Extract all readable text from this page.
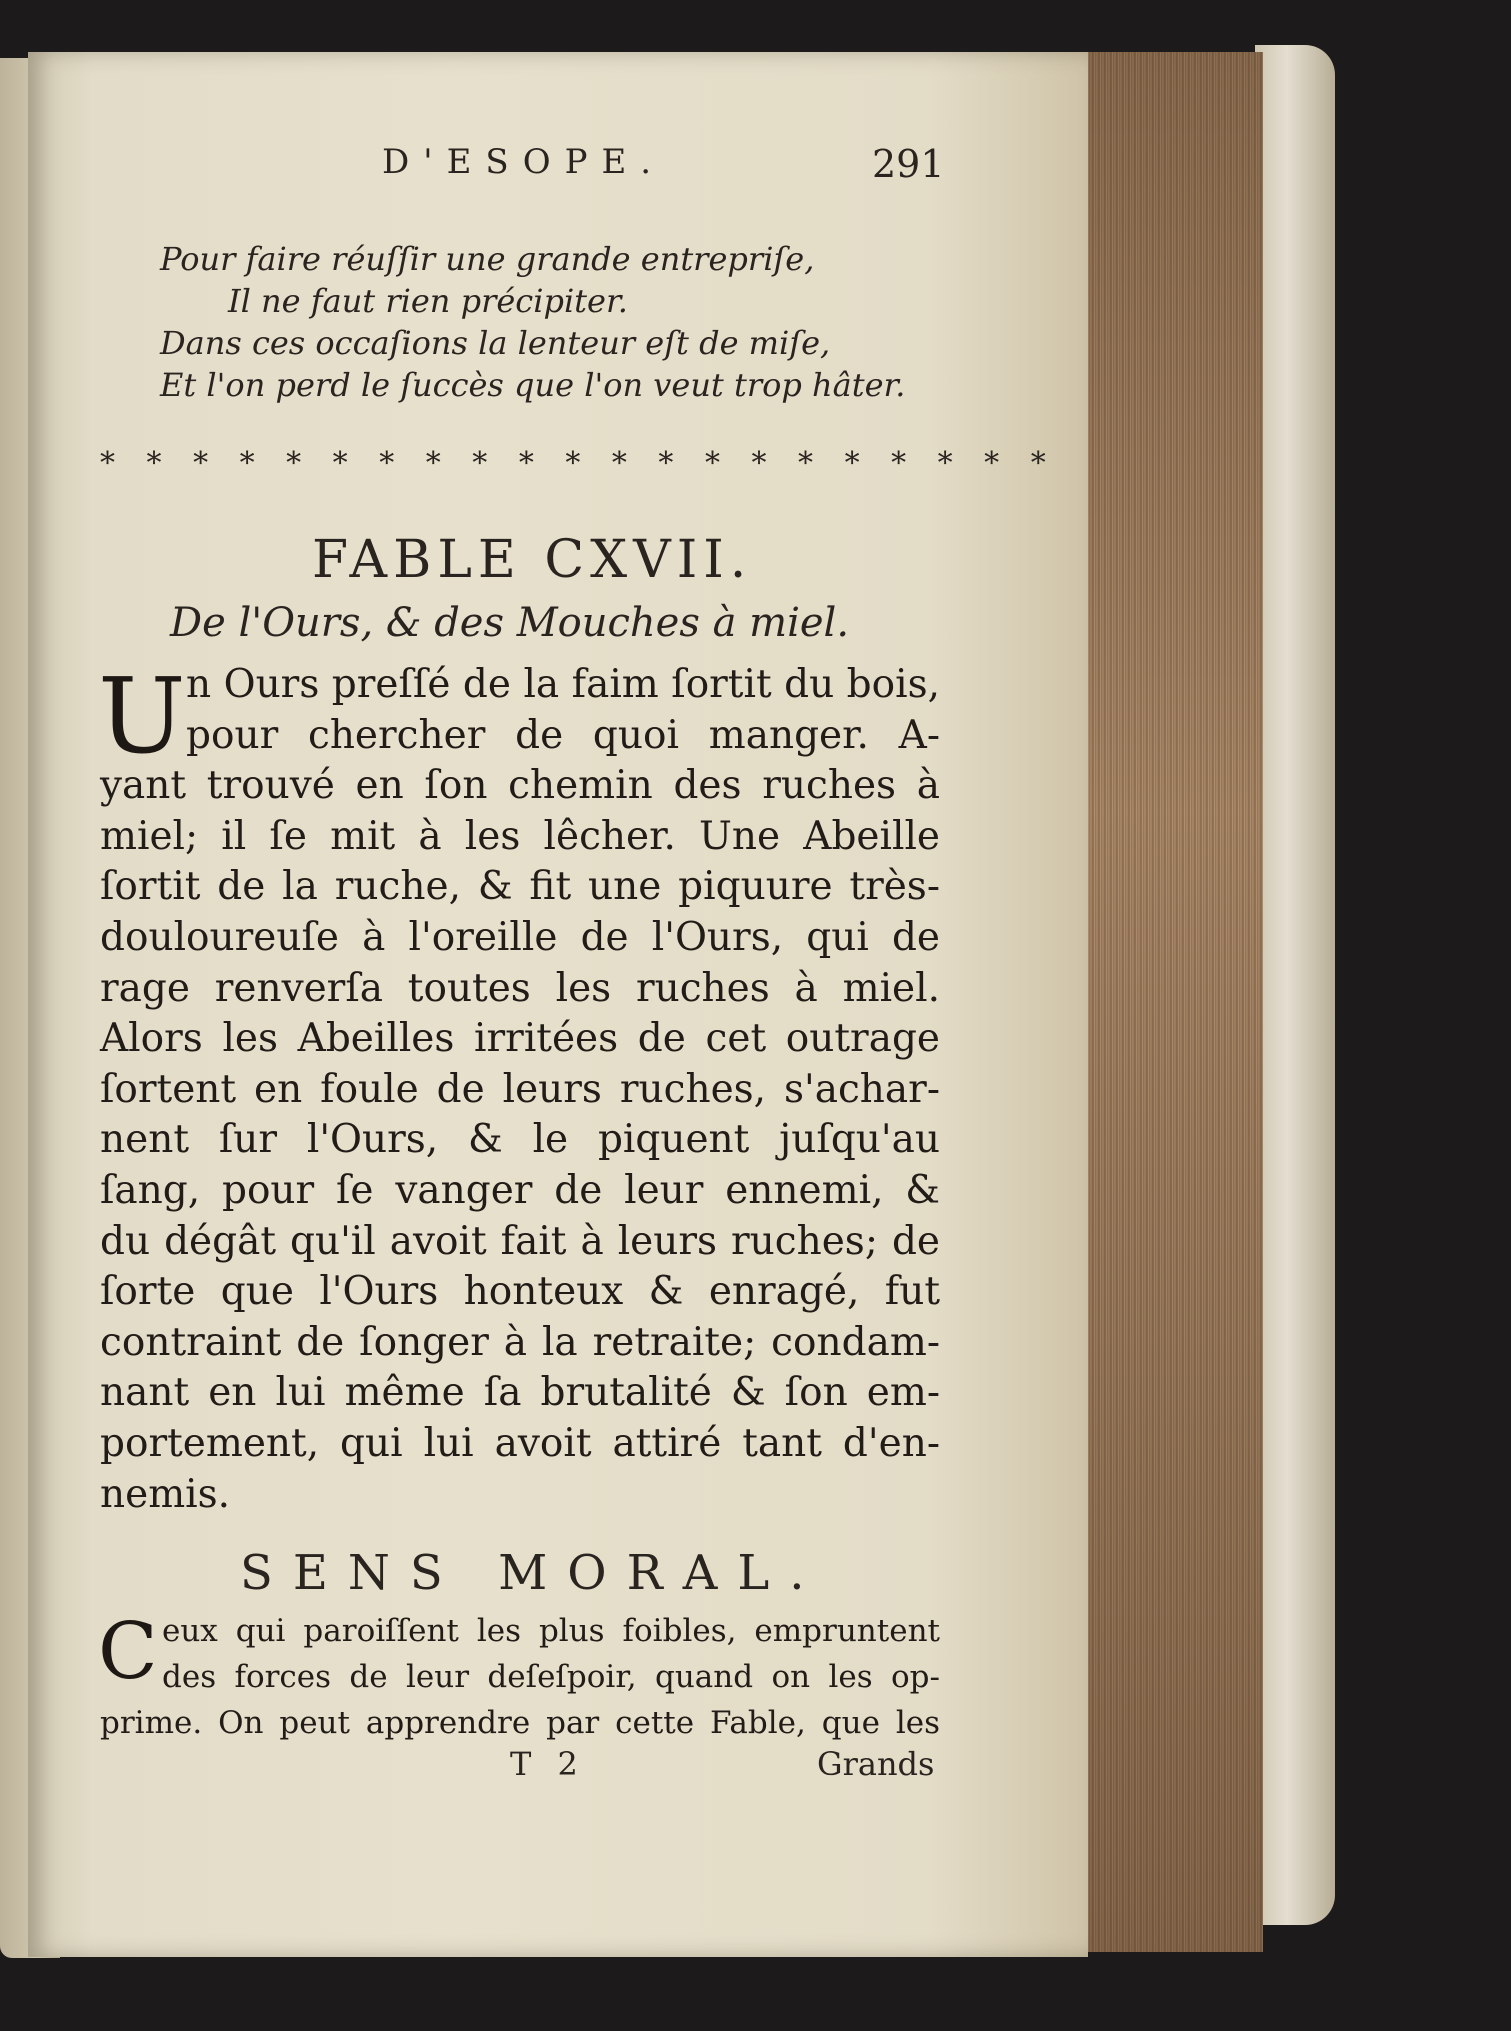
D'ESOPE.	291
Pour faire réuſſir une grande entrepriſe,
Il ne faut rien précipiter.
Dans ces occaſions la lenteur eſt de miſe,
Et l'on perd le ſuccès que l'on veut trop hâter.
* * * * * * * * * * * * * * * * * * * * *
FABLE CXVII.
De l'Ours, & des Mouches à miel.
U n Ours preſſé de la faim ſortit du bois,
pour chercher de quoi manger. A-
yant trouvé en ſon chemin des ruches à
miel; il ſe mit à les lêcher. Une Abeille
ſortit de la ruche, & fit une piquure très-
douloureuſe à l'oreille de l'Ours, qui de
rage renverſa toutes les ruches à miel.
Alors les Abeilles irritées de cet outrage
ſortent en foule de leurs ruches, s'achar-
nent ſur l'Ours, & le piquent juſqu'au
ſang, pour ſe vanger de leur ennemi, &
du dégât qu'il avoit fait à leurs ruches; de
ſorte que l'Ours honteux & enragé, fut
contraint de ſonger à la retraite; condam-
nant en lui même ſa brutalité & ſon em-
portement, qui lui avoit attiré tant d'en-
nemis.
SENS MORAL.
C eux qui paroiſſent les plus foibles, empruntent
des forces de leur deſeſpoir, quand on les op-
prime. On peut apprendre par cette Fable, que les
T 2	Grands
